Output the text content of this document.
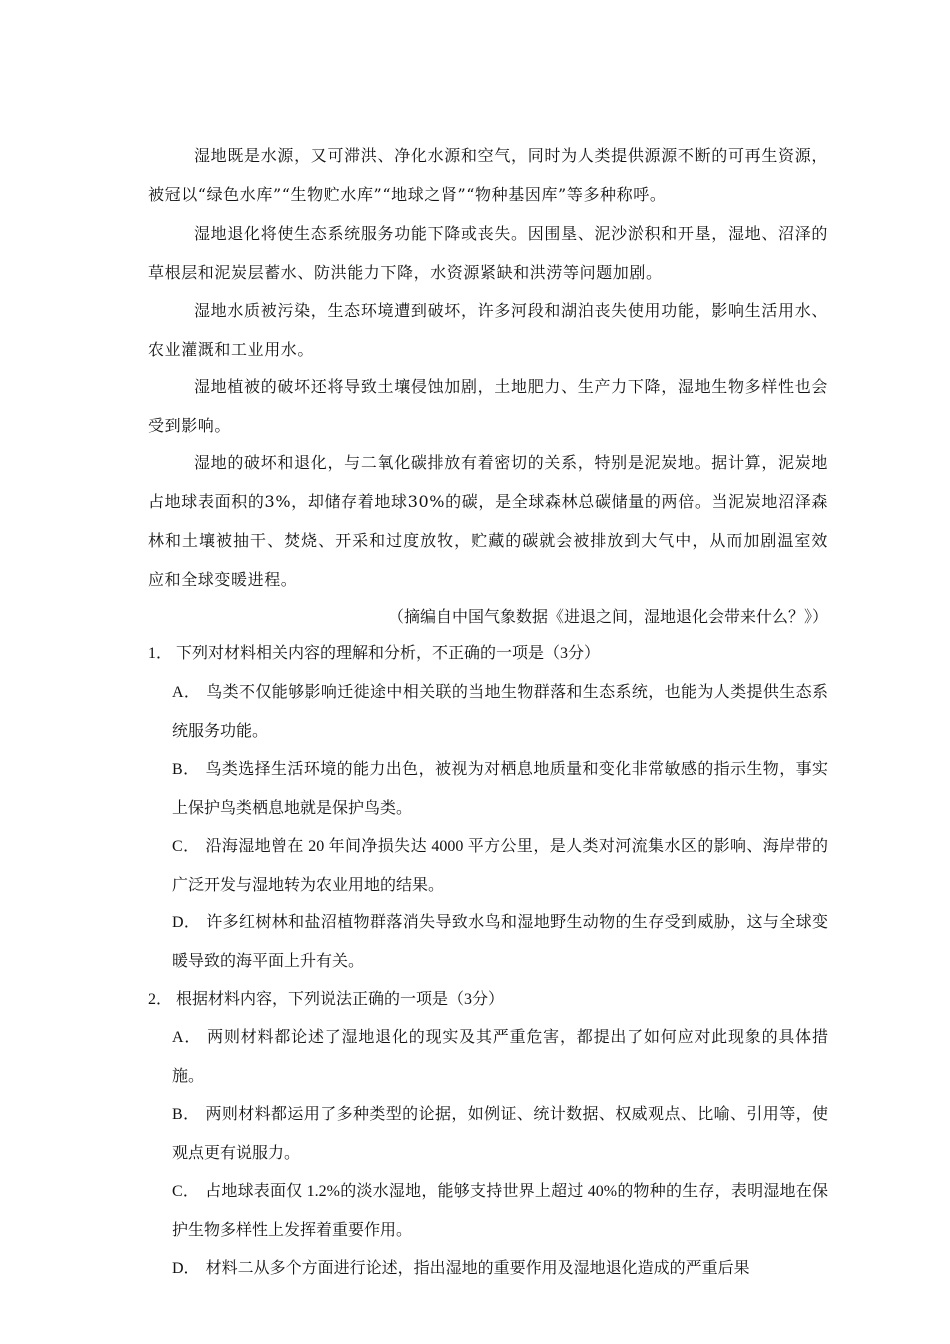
湿地既是水源，又可滞洪、净化水源和空气，同时为人类提供源源不断的可再生资源，被冠以“绿色水库”“生物贮水库”“地球之肾”“物种基因库”等多种称呼。

湿地退化将使生态系统服务功能下降或丧失。因围垦、泥沙淤积和开垦，湿地、沼泽的草根层和泥炭层蓄水、防洪能力下降，水资源紧缺和洪涝等问题加剧。

湿地水质被污染，生态环境遭到破坏，许多河段和湖泊丧失使用功能，影响生活用水、农业灌溉和工业用水。

湿地植被的破坏还将导致土壤侵蚀加剧，土地肥力、生产力下降，湿地生物多样性也会受到影响。

湿地的破坏和退化，与二氧化碳排放有着密切的关系，特别是泥炭地。据计算，泥炭地占地球表面积的3%，却储存着地球30%的碳，是全球森林总碳储量的两倍。当泥炭地沼泽森林和土壤被抽干、焚烧、开采和过度放牧，贮藏的碳就会被排放到大气中，从而加剧温室效应和全球变暖进程。

（摘编自中国气象数据《进退之间，湿地退化会带来什么？》）

1． 下列对材料相关内容的理解和分析，不正确的一项是（3分）

A． 鸟类不仅能够影响迁徙途中相关联的当地生物群落和生态系统，也能为人类提供生态系统服务功能。

B． 鸟类选择生活环境的能力出色，被视为对栖息地质量和变化非常敏感的指示生物，事实上保护鸟类栖息地就是保护鸟类。

C． 沿海湿地曾在 20 年间净损失达 4000 平方公里，是人类对河流集水区的影响、海岸带的广泛开发与湿地转为农业用地的结果。

D． 许多红树林和盐沼植物群落消失导致水鸟和湿地野生动物的生存受到威胁，这与全球变暖导致的海平面上升有关。

2． 根据材料内容，下列说法正确的一项是（3分）

A． 两则材料都论述了湿地退化的现实及其严重危害，都提出了如何应对此现象的具体措施。

B． 两则材料都运用了多种类型的论据，如例证、统计数据、权威观点、比喻、引用等，使观点更有说服力。

C． 占地球表面仅 1.2%的淡水湿地，能够支持世界上超过 40%的物种的生存，表明湿地在保护生物多样性上发挥着重要作用。

D． 材料二从多个方面进行论述，指出湿地的重要作用及湿地退化造成的严重后果
